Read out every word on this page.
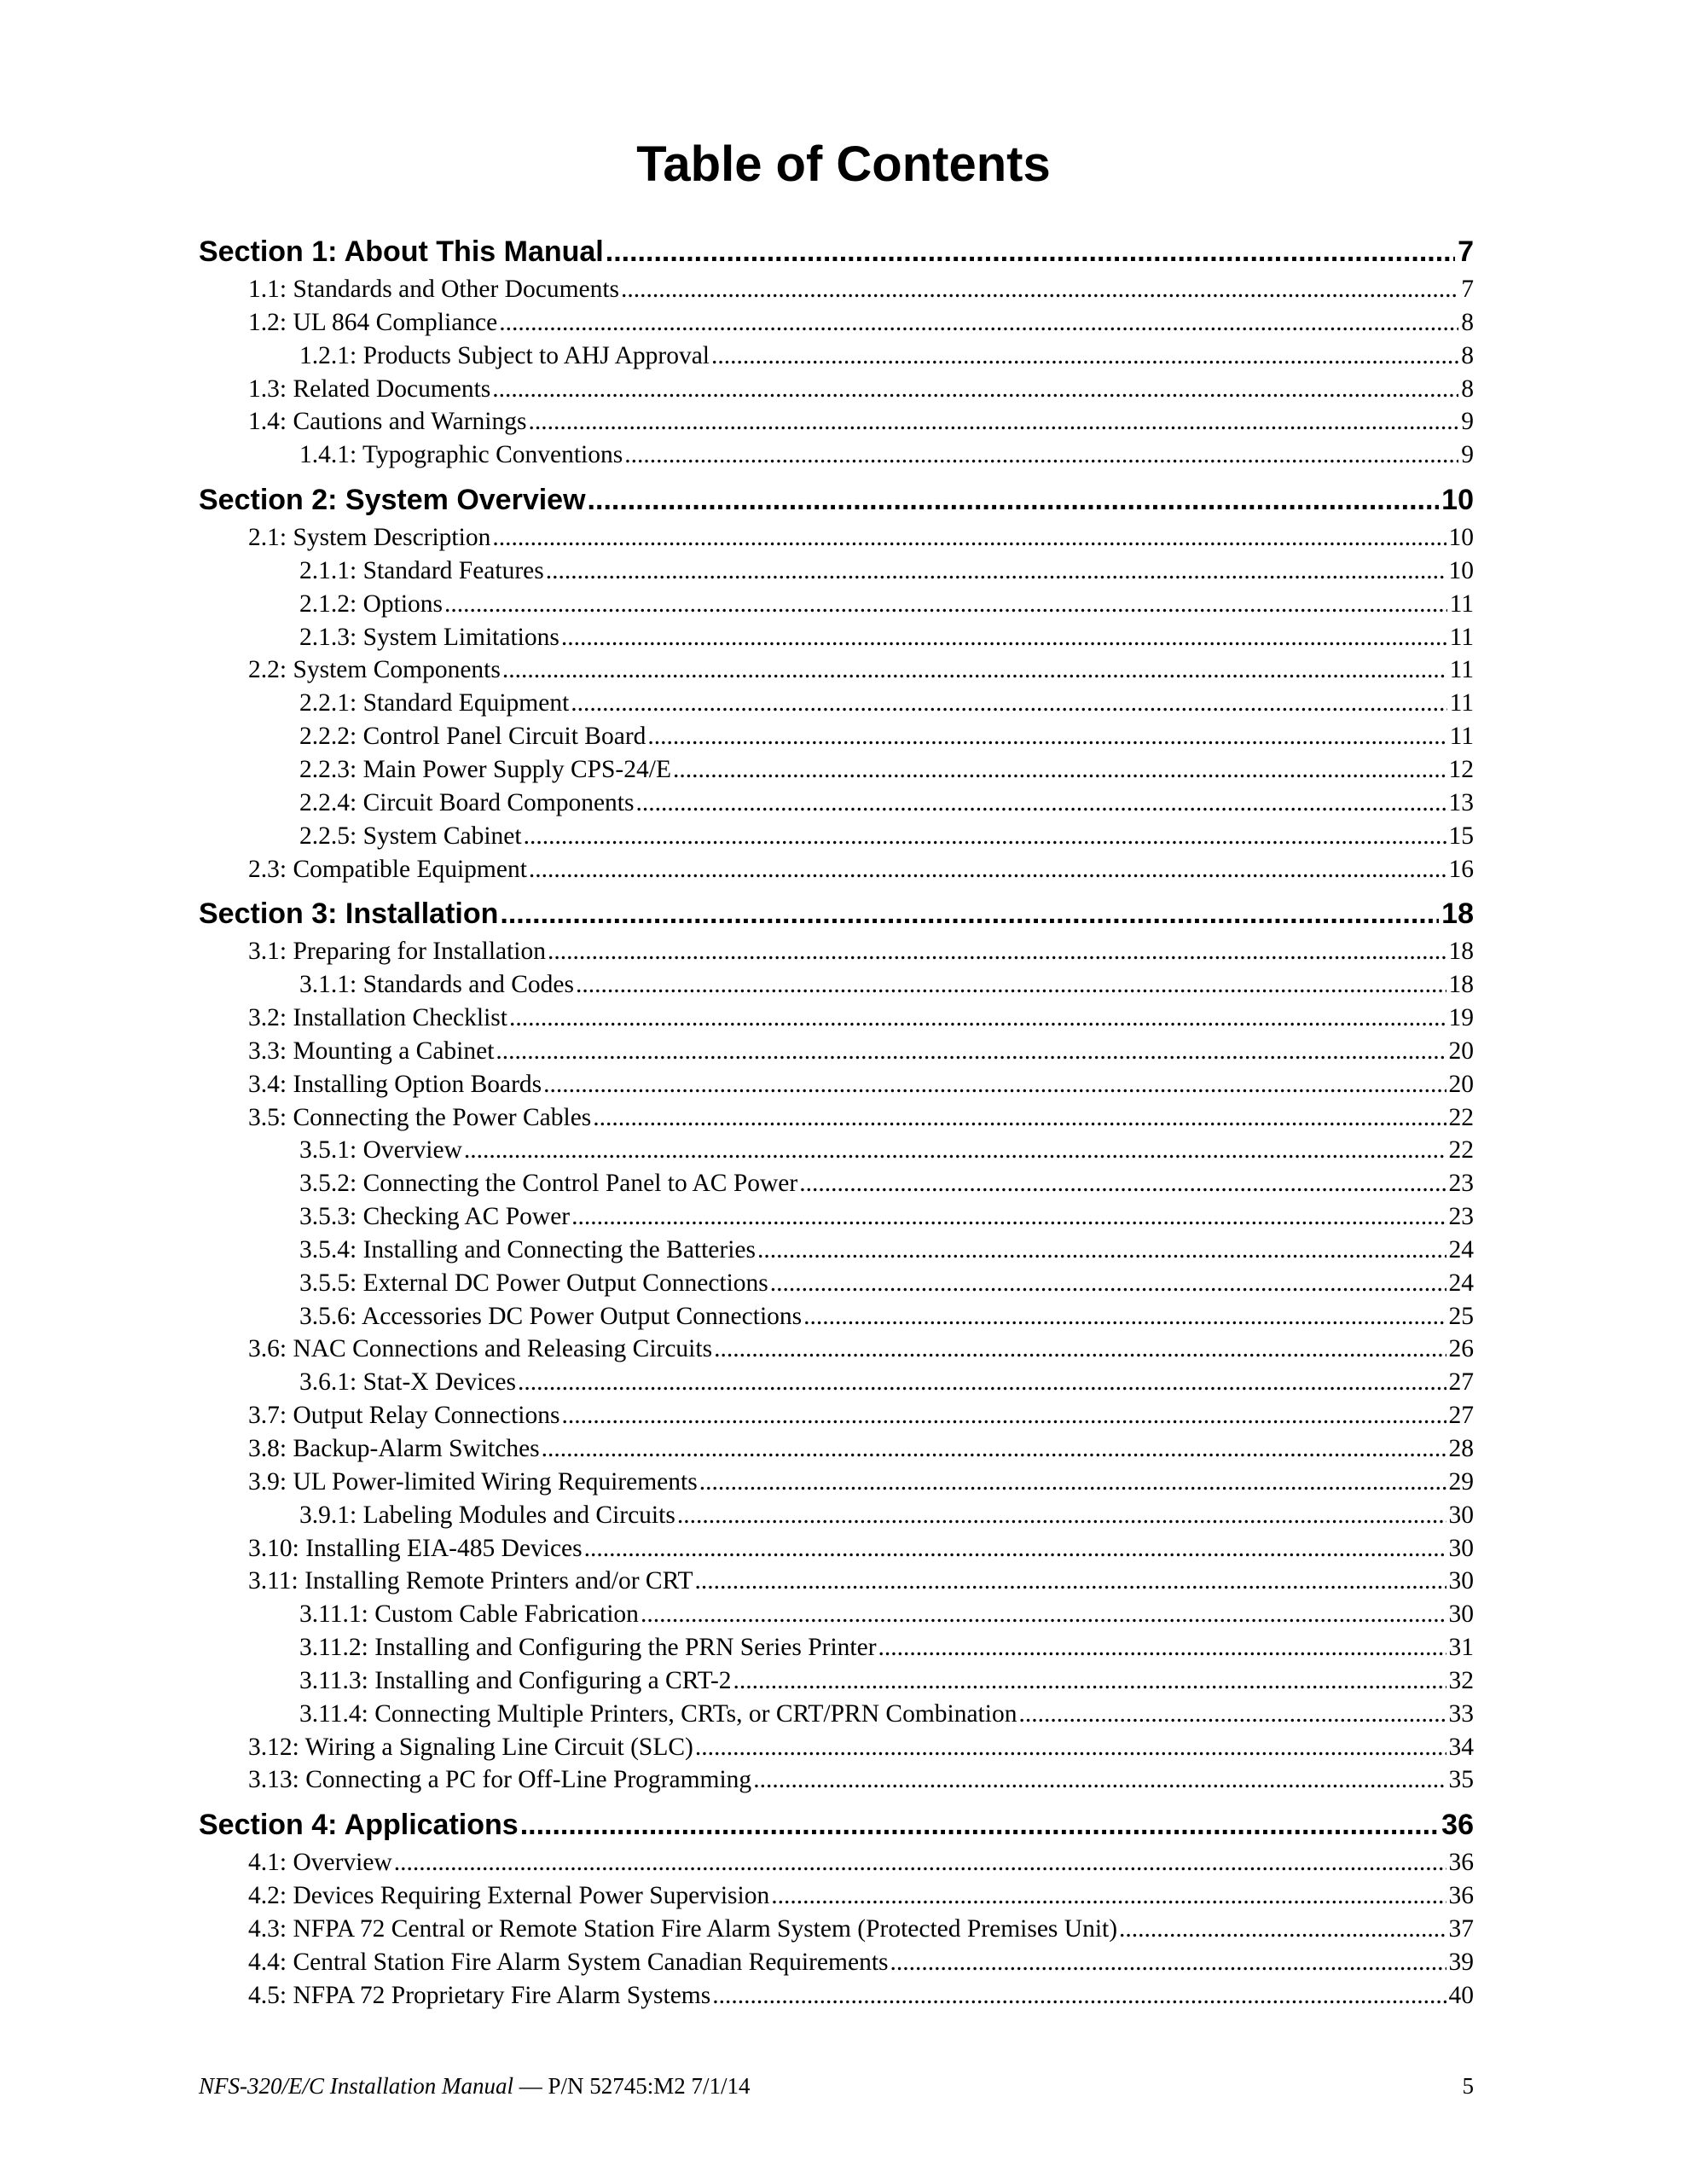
Table of Contents
Section 1: About This Manual .....	7
1.1: Standards and Other Documents .....	7
1.2: UL 864 Compliance .....	8
1.2.1: Products Subject to AHJ Approval .....	8
1.3: Related Documents .....	8
1.4: Cautions and Warnings .....	9
1.4.1: Typographic Conventions .....	9
Section 2: System Overview .....	10
2.1: System Description .....	10
2.1.1: Standard Features .....	10
2.1.2: Options .....	11
2.1.3: System Limitations .....	11
2.2: System Components .....	11
2.2.1: Standard Equipment .....	11
2.2.2: Control Panel Circuit Board .....	11
2.2.3: Main Power Supply CPS-24/E .....	12
2.2.4: Circuit Board Components .....	13
2.2.5: System Cabinet .....	15
2.3: Compatible Equipment .....	16
Section 3: Installation .....	18
3.1: Preparing for Installation .....	18
3.1.1: Standards and Codes .....	18
3.2: Installation Checklist .....	19
3.3: Mounting a Cabinet .....	20
3.4: Installing Option Boards .....	20
3.5: Connecting the Power Cables .....	22
3.5.1: Overview .....	22
3.5.2: Connecting the Control Panel to AC Power .....	23
3.5.3: Checking AC Power .....	23
3.5.4: Installing and Connecting the Batteries .....	24
3.5.5: External DC Power Output Connections .....	24
3.5.6: Accessories DC Power Output Connections .....	25
3.6: NAC Connections and Releasing Circuits .....	26
3.6.1: Stat-X Devices .....	27
3.7: Output Relay Connections .....	27
3.8: Backup-Alarm Switches .....	28
3.9: UL Power-limited Wiring Requirements .....	29
3.9.1: Labeling Modules and Circuits .....	30
3.10: Installing EIA-485 Devices .....	30
3.11: Installing Remote Printers and/or CRT .....	30
3.11.1: Custom Cable Fabrication .....	30
3.11.2: Installing and Configuring the PRN Series Printer .....	31
3.11.3: Installing and Configuring a CRT-2 .....	32
3.11.4: Connecting Multiple Printers, CRTs, or CRT/PRN Combination .....	33
3.12: Wiring a Signaling Line Circuit (SLC) .....	34
3.13: Connecting a PC for Off-Line Programming .....	35
Section 4: Applications .....	36
4.1: Overview .....	36
4.2: Devices Requiring External Power Supervision .....	36
4.3: NFPA 72 Central or Remote Station Fire Alarm System (Protected Premises Unit) .....	37
4.4: Central Station Fire Alarm System Canadian Requirements .....	39
4.5: NFPA 72 Proprietary Fire Alarm Systems .....	40
NFS-320/E/C Installation Manual — P/N 52745:M2 7/1/14	5
